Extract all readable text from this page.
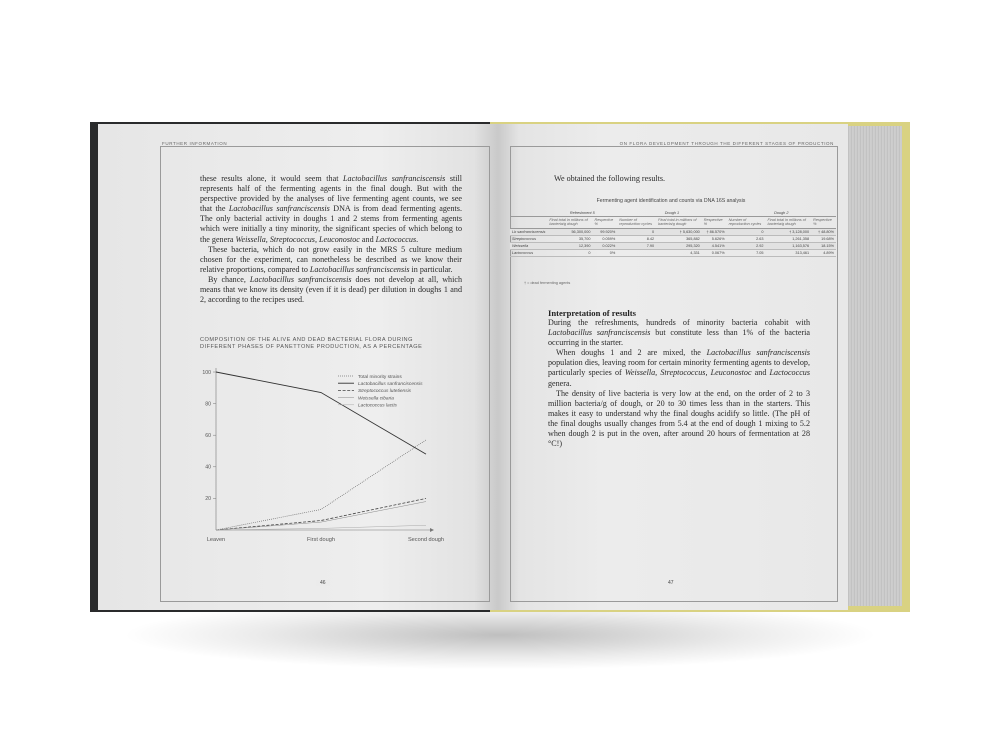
FURTHER INFORMATION

these results alone, it would seem that Lactobacillus sanfranciscensis still represents half of the fermenting agents in the final dough. But with the perspective provided by the analyses of live fermenting agent counts, we see that the Lactobacillus sanfranciscensis DNA is from dead fermenting agents. The only bacterial activity in doughs 1 and 2 stems from fermenting agents which were initially a tiny minority, the significant species of which belong to the genera Weissella, Streptococcus, Leuconostoc and Lactococcus.

These bacteria, which do not grow easily in the MRS 5 culture medium chosen for the experiment, can nonetheless be described as we know their relative proportions, compared to Lactobacillus sanfranciscensis in particular.

By chance, Lactobacillus sanfranciscensis does not develop at all, which means that we know its density (even if it is dead) per dilution in doughs 1 and 2, according to the recipes used.

COMPOSITION OF THE ALIVE AND DEAD BACTERIAL FLORA DURING
DIFFERENT PHASES OF PANETTONE PRODUCTION, AS A PERCENTAGE
20
40
60
80
100
Leaven	First dough	Second dough
Total minority strains
Lactobacillus sanfranciscensis
Streptococcus lutetiensis
Weissella cibaria
Lactococcus lactis
46
ON FLORA DEVELOPMENT THROUGH THE DIFFERENT STAGES OF PRODUCTION
We obtained the following results.
Fermenting agent identification and counts via DNA 16S analysis
	Refreshment 5		Dough 1			Dough 2		
	Final total in millions of bacteria/g dough	Respective %	Number of reproduction cycles	Final total in millions of bacteria/g dough	Respective %	Number of reproduction cycles	Final total in millions of bacteria/g dough	Respective %
Lb sanfranciscensis	56,300,000	99.920%	0	† 5,630,000	† 86.570%	0	† 3,128,000	† 48.80%
Streptococcus	35,700	0.059%	8.42	365,882	5.626%	2.63	1,261,358	19.68%
Weissella	12,390	0.022%	7.90	295,320	4.541%	2.92	1,163,576	18.15%
Lactococcus	0	0%		4,331	0.067%	7.05	313,461	4.89%
† = dead fermenting agents
Interpretation of results

During the refreshments, hundreds of minority bacteria cohabit with Lactobacillus sanfranciscensis but constitute less than 1% of the bacteria occurring in the starter.

When doughs 1 and 2 are mixed, the Lactobacillus sanfranciscensis population dies, leaving room for certain minority fermenting agents to develop, particularly species of Weissella, Streptococcus, Leuconostoc and Lactococcus genera.

The density of live bacteria is very low at the end, on the order of 2 to 3 million bacteria/g of dough, or 20 to 30 times less than in the starters. This makes it easy to understand why the final doughs acidify so little. (The pH of the final doughs usually changes from 5.4 at the end of dough 1 mixing to 5.2 when dough 2 is put in the oven, after around 20 hours of fermentation at 28 °C!)

47
